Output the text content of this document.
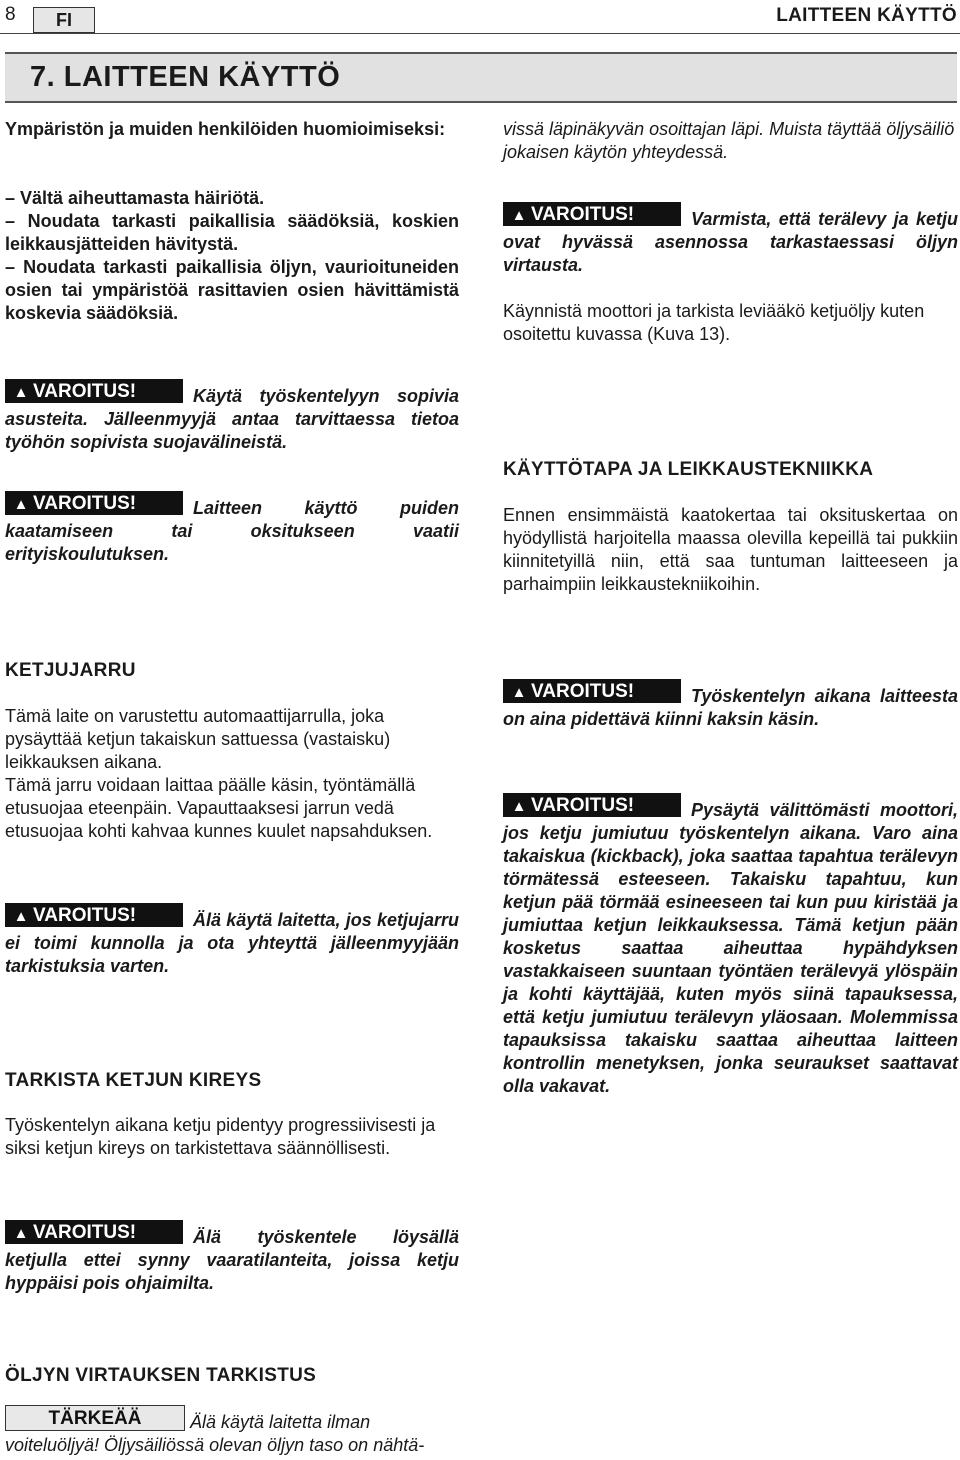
8	FI	LAITTEEN KÄYTTÖ
7. LAITTEEN KÄYTTÖ
Ympäristön ja muiden henkilöiden huomioimiseksi:

– Vältä aiheuttamasta häiriötä.

– Noudata tarkasti paikallisia säädöksiä, koskien leikkausjätteiden hävitystä.

– Noudata tarkasti paikallisia öljyn, vaurioituneiden osien tai ympäristöä rasittavien osien hävittämistä koskevia säädöksiä.

▲ VAROITUS!	Käytä työskentelyyn sopivia asusteita. Jälleenmyyjä antaa tarvittaessa tietoa työhön sopivista suojavälineistä.
▲ VAROITUS!	Laitteen käyttö puiden kaatamiseen tai oksitukseen vaatii erityiskoulutuksen.
KETJUJARRU

Tämä laite on varustettu automaattijarrulla, joka pysäyttää ketjun takaiskun sattuessa (vastaisku) leikkauksen aikana.

Tämä jarru voidaan laittaa päälle käsin, työntämällä etusuojaa eteenpäin. Vapauttaaksesi jarrun vedä etusuojaa kohti kahvaa kunnes kuulet napsahduksen.

▲ VAROITUS!	Älä käytä laitetta, jos ketjujarru ei toimi kunnolla ja ota yhteyttä jälleenmyyjään tarkistuksia varten.
TARKISTA KETJUN KIREYS
Työskentelyn aikana ketju pidentyy progressiivisesti ja siksi ketjun kireys on tarkistettava säännöllisesti.
▲ VAROITUS!	Älä työskentele löysällä ketjulla ettei synny vaaratilanteita, joissa ketju hyppäisi pois ohjaimilta.
ÖLJYN VIRTAUKSEN TARKISTUS
TÄRKEÄÄ	Älä käytä laitetta ilman voiteluöljyä! Öljysäiliössä olevan öljyn taso on nähtä-
vissä läpinäkyvän osoittajan läpi. Muista täyttää öljysäiliö jokaisen käytön yhteydessä.
▲ VAROITUS!	Varmista, että terälevy ja ketju ovat hyvässä asennossa tarkastaessasi öljyn virtausta.
Käynnistä moottori ja tarkista leviääkö ketjuöljy kuten osoitettu kuvassa (Kuva 13).
KÄYTTÖTAPA JA LEIKKAUSTEKNIIKKA
Ennen ensimmäistä kaatokertaa tai oksituskertaa on hyödyllistä harjoitella maassa olevilla kepeillä tai pukkiin kiinnitetyillä niin, että saa tuntuman laitteeseen ja parhaimpiin leikkaustekniikoihin.
▲ VAROITUS!	Työskentelyn aikana laitteesta on aina pidettävä kiinni kaksin käsin.
▲ VAROITUS!	Pysäytä välittömästi moottori, jos ketju jumiutuu työskentelyn aikana. Varo aina takaiskua (kickback), joka saattaa tapahtua terälevyn törmätessä esteeseen. Takaisku tapahtuu, kun ketjun pää törmää esineeseen tai kun puu kiristää ja jumiuttaa ketjun leikkauksessa. Tämä ketjun pään kosketus saattaa aiheuttaa hypähdyksen vastakkaiseen suuntaan työntäen terälevyä ylöspäin ja kohti käyttäjää, kuten myös siinä tapauksessa, että ketju jumiutuu terälevyn yläosaan. Molemmissa tapauksissa takaisku saattaa aiheuttaa laitteen kontrollin menetyksen, jonka seuraukset saattavat olla vakavat.
